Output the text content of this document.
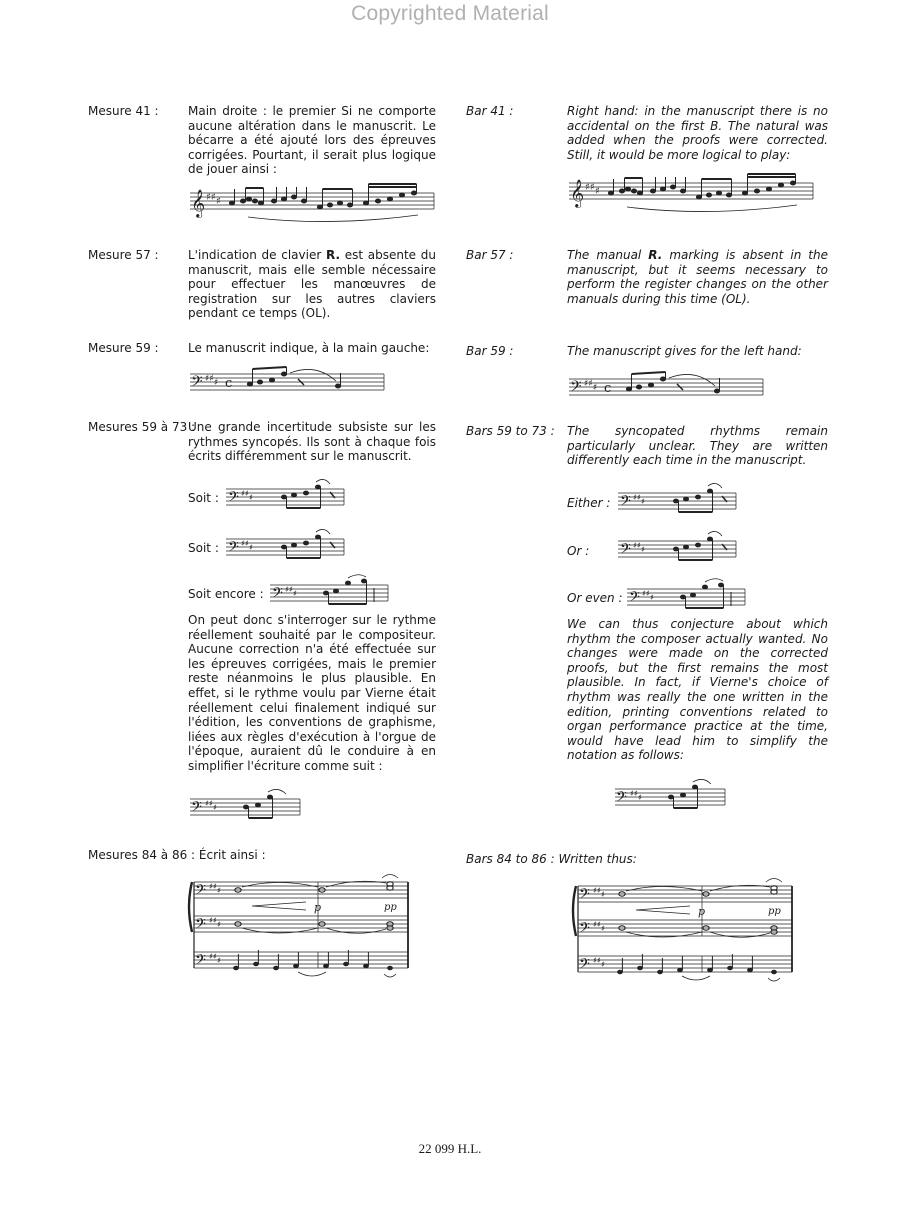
Copyrighted Material
Mesure 41 : Main droite : le premier Si ne comporte aucune altération dans le manuscrit. Le bécarre a été ajouté lors des épreuves corrigées. Pourtant, il serait plus logique de jouer ainsi :
Bar 41 :	Right hand: in the manuscript there is no accidental on the first B. The natural was added when the proofs were corrected. Still, it would be more logical to play:
𝄞 ♯♯ ♯	𝄞 ♯♯ ♯
Mesure 57 : L'indication de clavier R. est absente du manuscrit, mais elle semble nécessaire pour effectuer les manœuvres de registration sur les autres claviers pendant ce temps (OL).
Bar 57 :	The manual R. marking is absent in the manuscript, but it seems necessary to perform the register changes on the other manuals during this time (OL).
Mesure 59 : Le manuscrit indique, à la main gauche:	Bar 59 :	The manuscript gives for the left hand:
𝄢 ♯♯ ♯ c	𝄢 ♯♯ ♯ c
Mesures 59 à 73 :
Une grande incertitude subsiste sur les rythmes syncopés. Ils sont à chaque fois écrits différemment sur le manuscrit.
Bars 59 to 73 : The syncopated rhythms remain particularly unclear. They are written differently each time in the manuscript.
Soit : 𝄢 ♯♯ ♯
Soit : 𝄢 ♯♯ ♯
Soit encore : 𝄢 ♯♯ ♯
On peut donc s'interroger sur le rythme réellement souhaité par le compositeur. Aucune correction n'a été effectuée sur les épreuves corrigées, mais le premier reste néanmoins le plus plausible. En effet, si le rythme voulu par Vierne était réellement celui finalement indiqué sur l'édition, les conventions de graphisme, liées aux règles d'exécution à l'orgue de l'époque, auraient dû le conduire à en simplifier l'écriture comme suit :
𝄢 ♯♯ ♯
Either : 𝄢 ♯♯ ♯
Or : 𝄢 ♯♯ ♯
Or even : 𝄢 ♯♯ ♯
We can thus conjecture about which rhythm the composer actually wanted. No changes were made on the corrected proofs, but the first remains the most plausible. In fact, if Vierne's choice of rhythm was really the one written in the edition, printing conventions related to organ performance practice at the time, would have lead him to simplify the notation as follows:
𝄢 ♯♯ ♯
Mesures 84 à 86 : Écrit ainsi :	Bars 84 to 86 : Written thus:
𝄢
𝄢
𝄢
♯♯ ♯
♯♯ ♯
♯♯ ♯
p	pp
𝄢
𝄢
𝄢
♯♯ ♯
♯♯ ♯
♯♯ ♯
p	pp
22 099 H.L.
